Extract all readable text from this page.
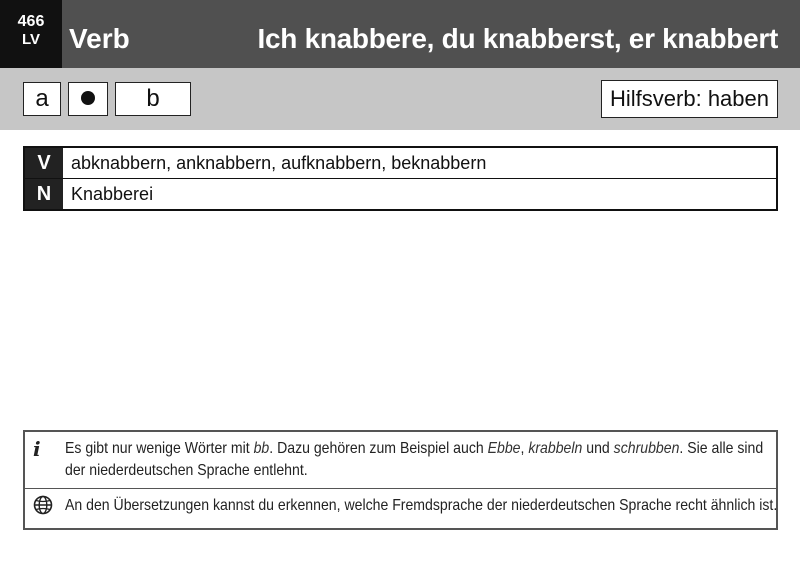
466
LV	Verb	Ich knabbere, du knabberst, er knabbert
a	b	Hilfsverb: haben
V	abknabbern, anknabbern, aufknabbern, beknabbern
N	Knabberei
i	Es gibt nur wenige Wörter mit bb. Dazu gehören zum Beispiel auch Ebbe, krabbeln und schrubben. Sie alle sind der niederdeutschen Sprache entlehnt.
An den Übersetzungen kannst du erkennen, welche Fremdsprache der niederdeutschen Sprache recht ähnlich ist.
